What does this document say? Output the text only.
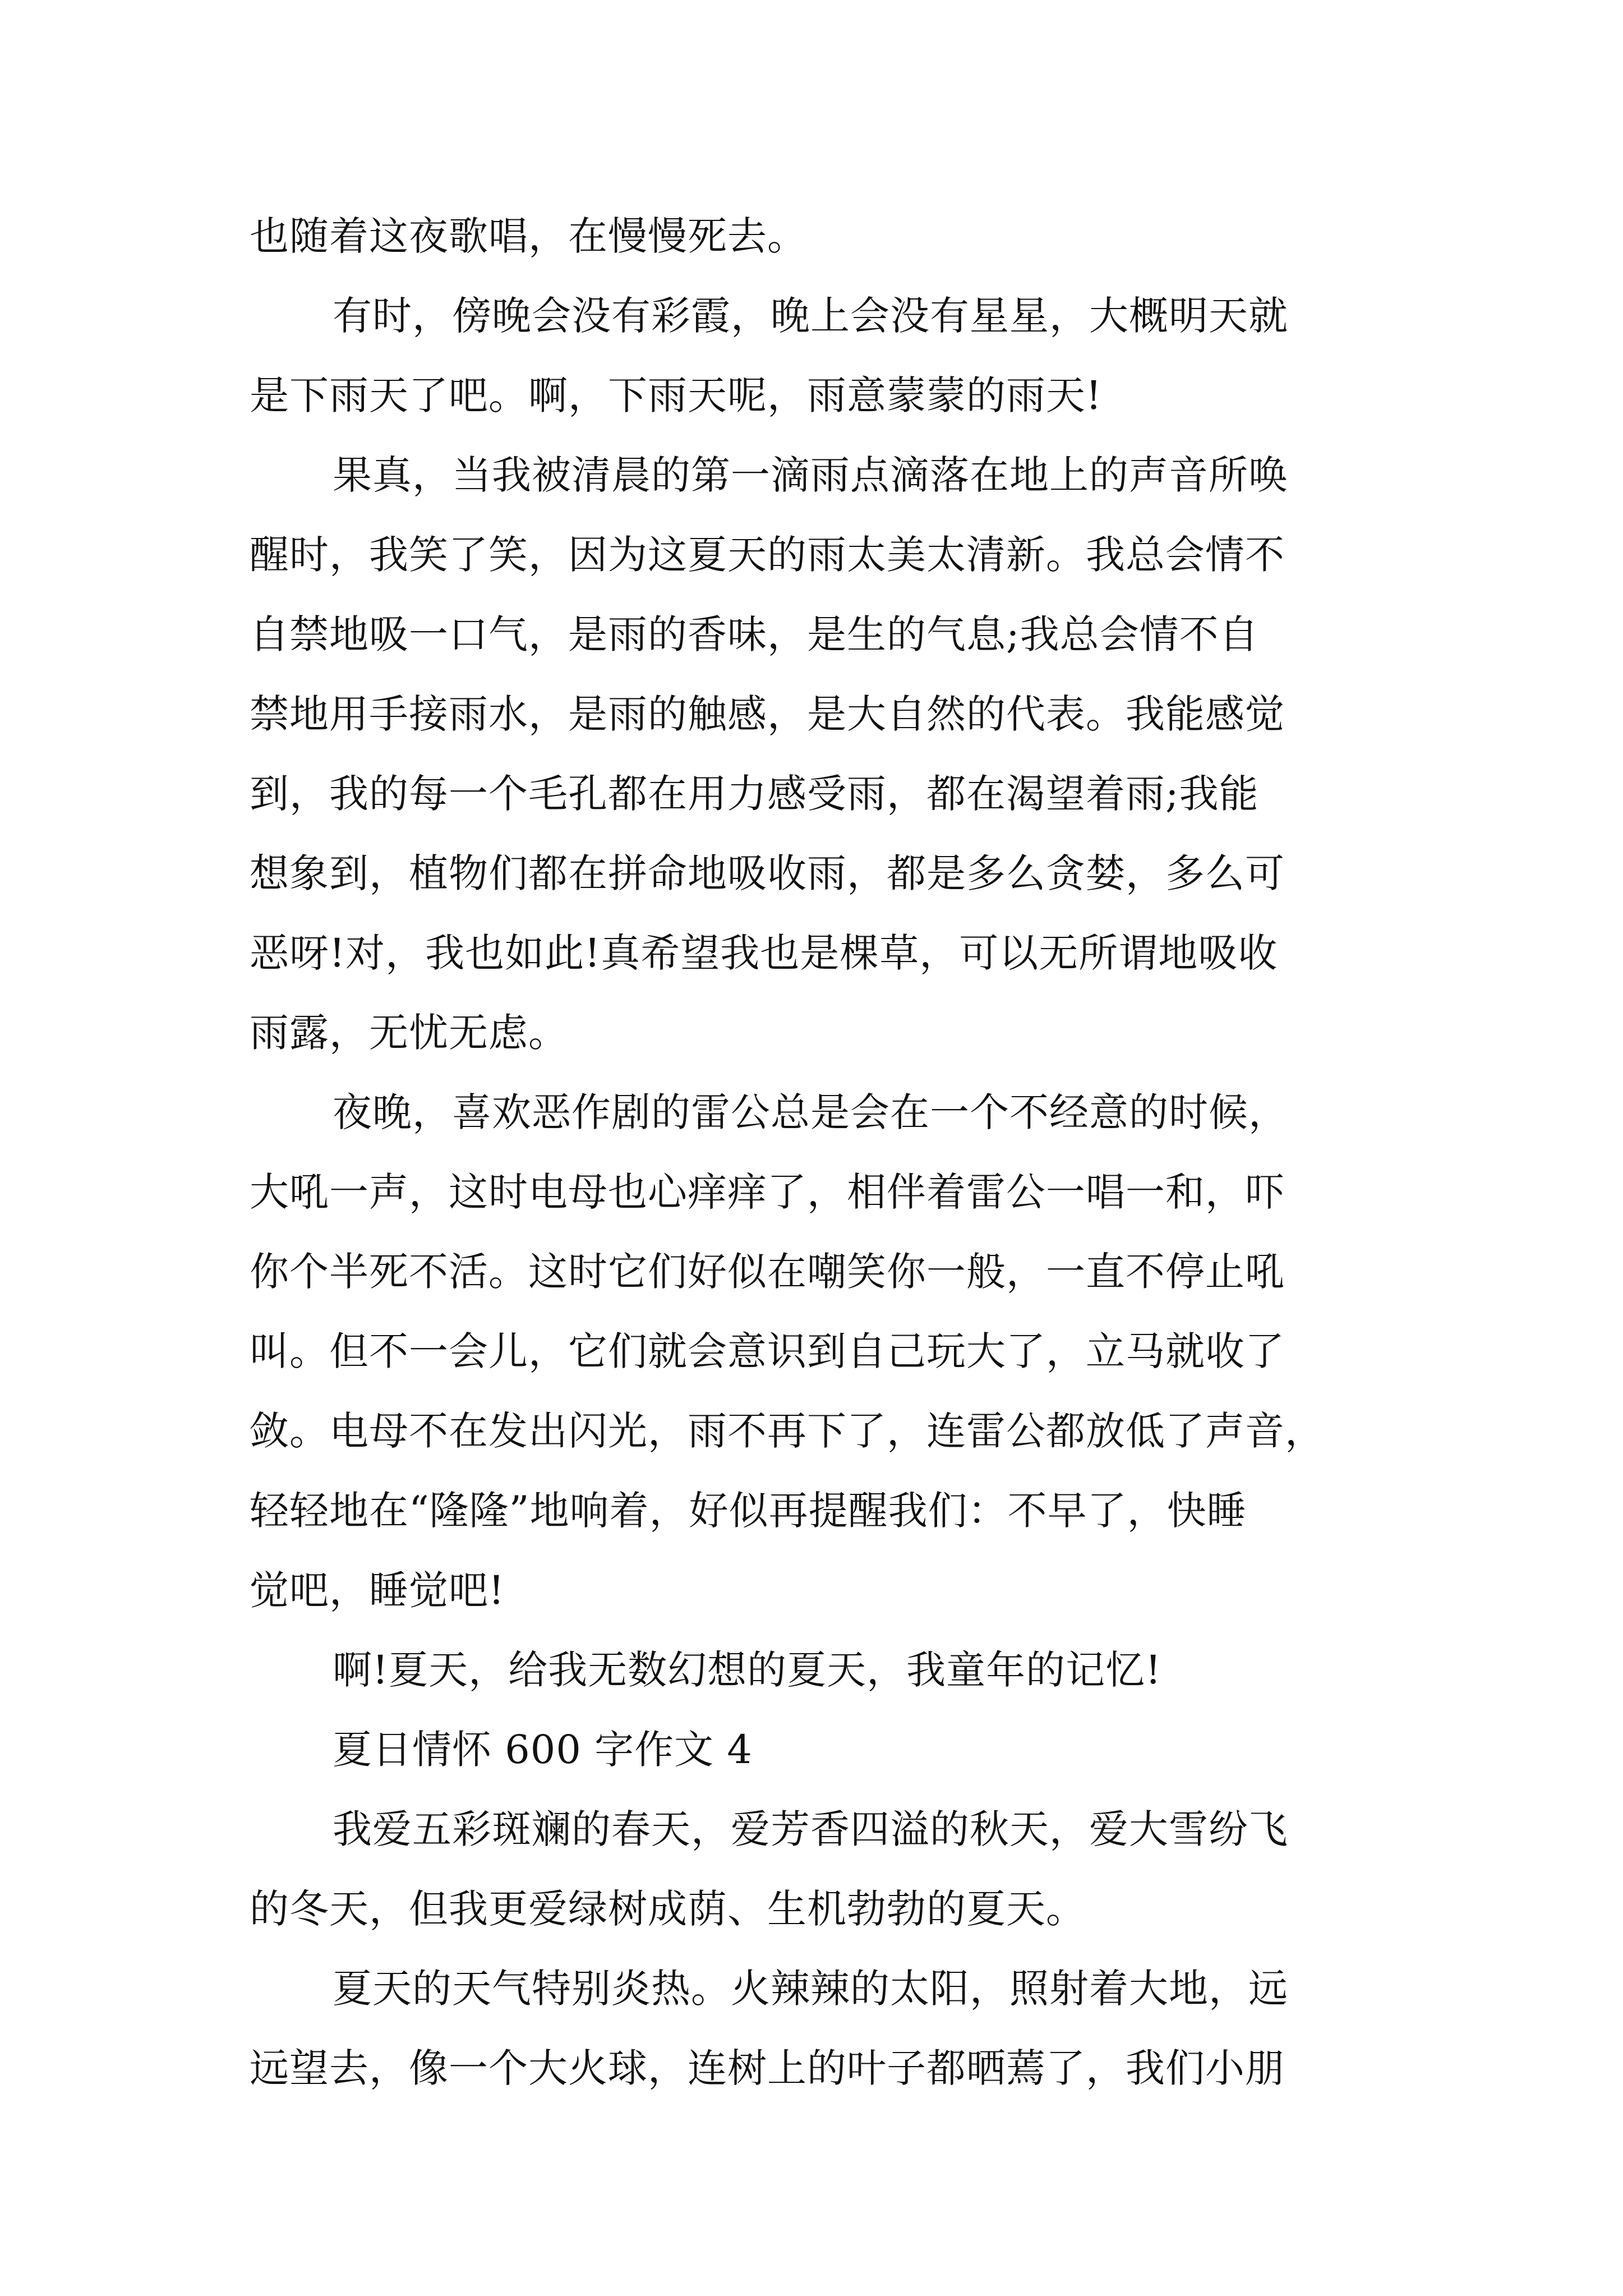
也随着这夜歌唱，在慢慢死去。
有时，傍晚会没有彩霞，晚上会没有星星，大概明天就
是下雨天了吧。啊，下雨天呢，雨意蒙蒙的雨天!
果真，当我被清晨的第一滴雨点滴落在地上的声音所唤
醒时，我笑了笑，因为这夏天的雨太美太清新。我总会情不
自禁地吸一口气，是雨的香味，是生的气息;我总会情不自
禁地用手接雨水，是雨的触感，是大自然的代表。我能感觉
到，我的每一个毛孔都在用力感受雨，都在渴望着雨;我能
想象到，植物们都在拼命地吸收雨，都是多么贪婪，多么可
恶呀!对，我也如此!真希望我也是棵草，可以无所谓地吸收
雨露，无忧无虑。
夜晚，喜欢恶作剧的雷公总是会在一个不经意的时候，
大吼一声，这时电母也心痒痒了，相伴着雷公一唱一和，吓
你个半死不活。这时它们好似在嘲笑你一般，一直不停止吼
叫。但不一会儿，它们就会意识到自己玩大了，立马就收了
敛。电母不在发出闪光，雨不再下了，连雷公都放低了声音，
轻轻地在“隆隆”地响着，好似再提醒我们：不早了，快睡
觉吧，睡觉吧!
啊!夏天，给我无数幻想的夏天，我童年的记忆!
夏日情怀 600 字作文 4
我爱五彩斑斓的春天，爱芳香四溢的秋天，爱大雪纷飞
的冬天，但我更爱绿树成荫、生机勃勃的夏天。
夏天的天气特别炎热。火辣辣的太阳，照射着大地，远
远望去，像一个大火球，连树上的叶子都晒蔫了，我们小朋
